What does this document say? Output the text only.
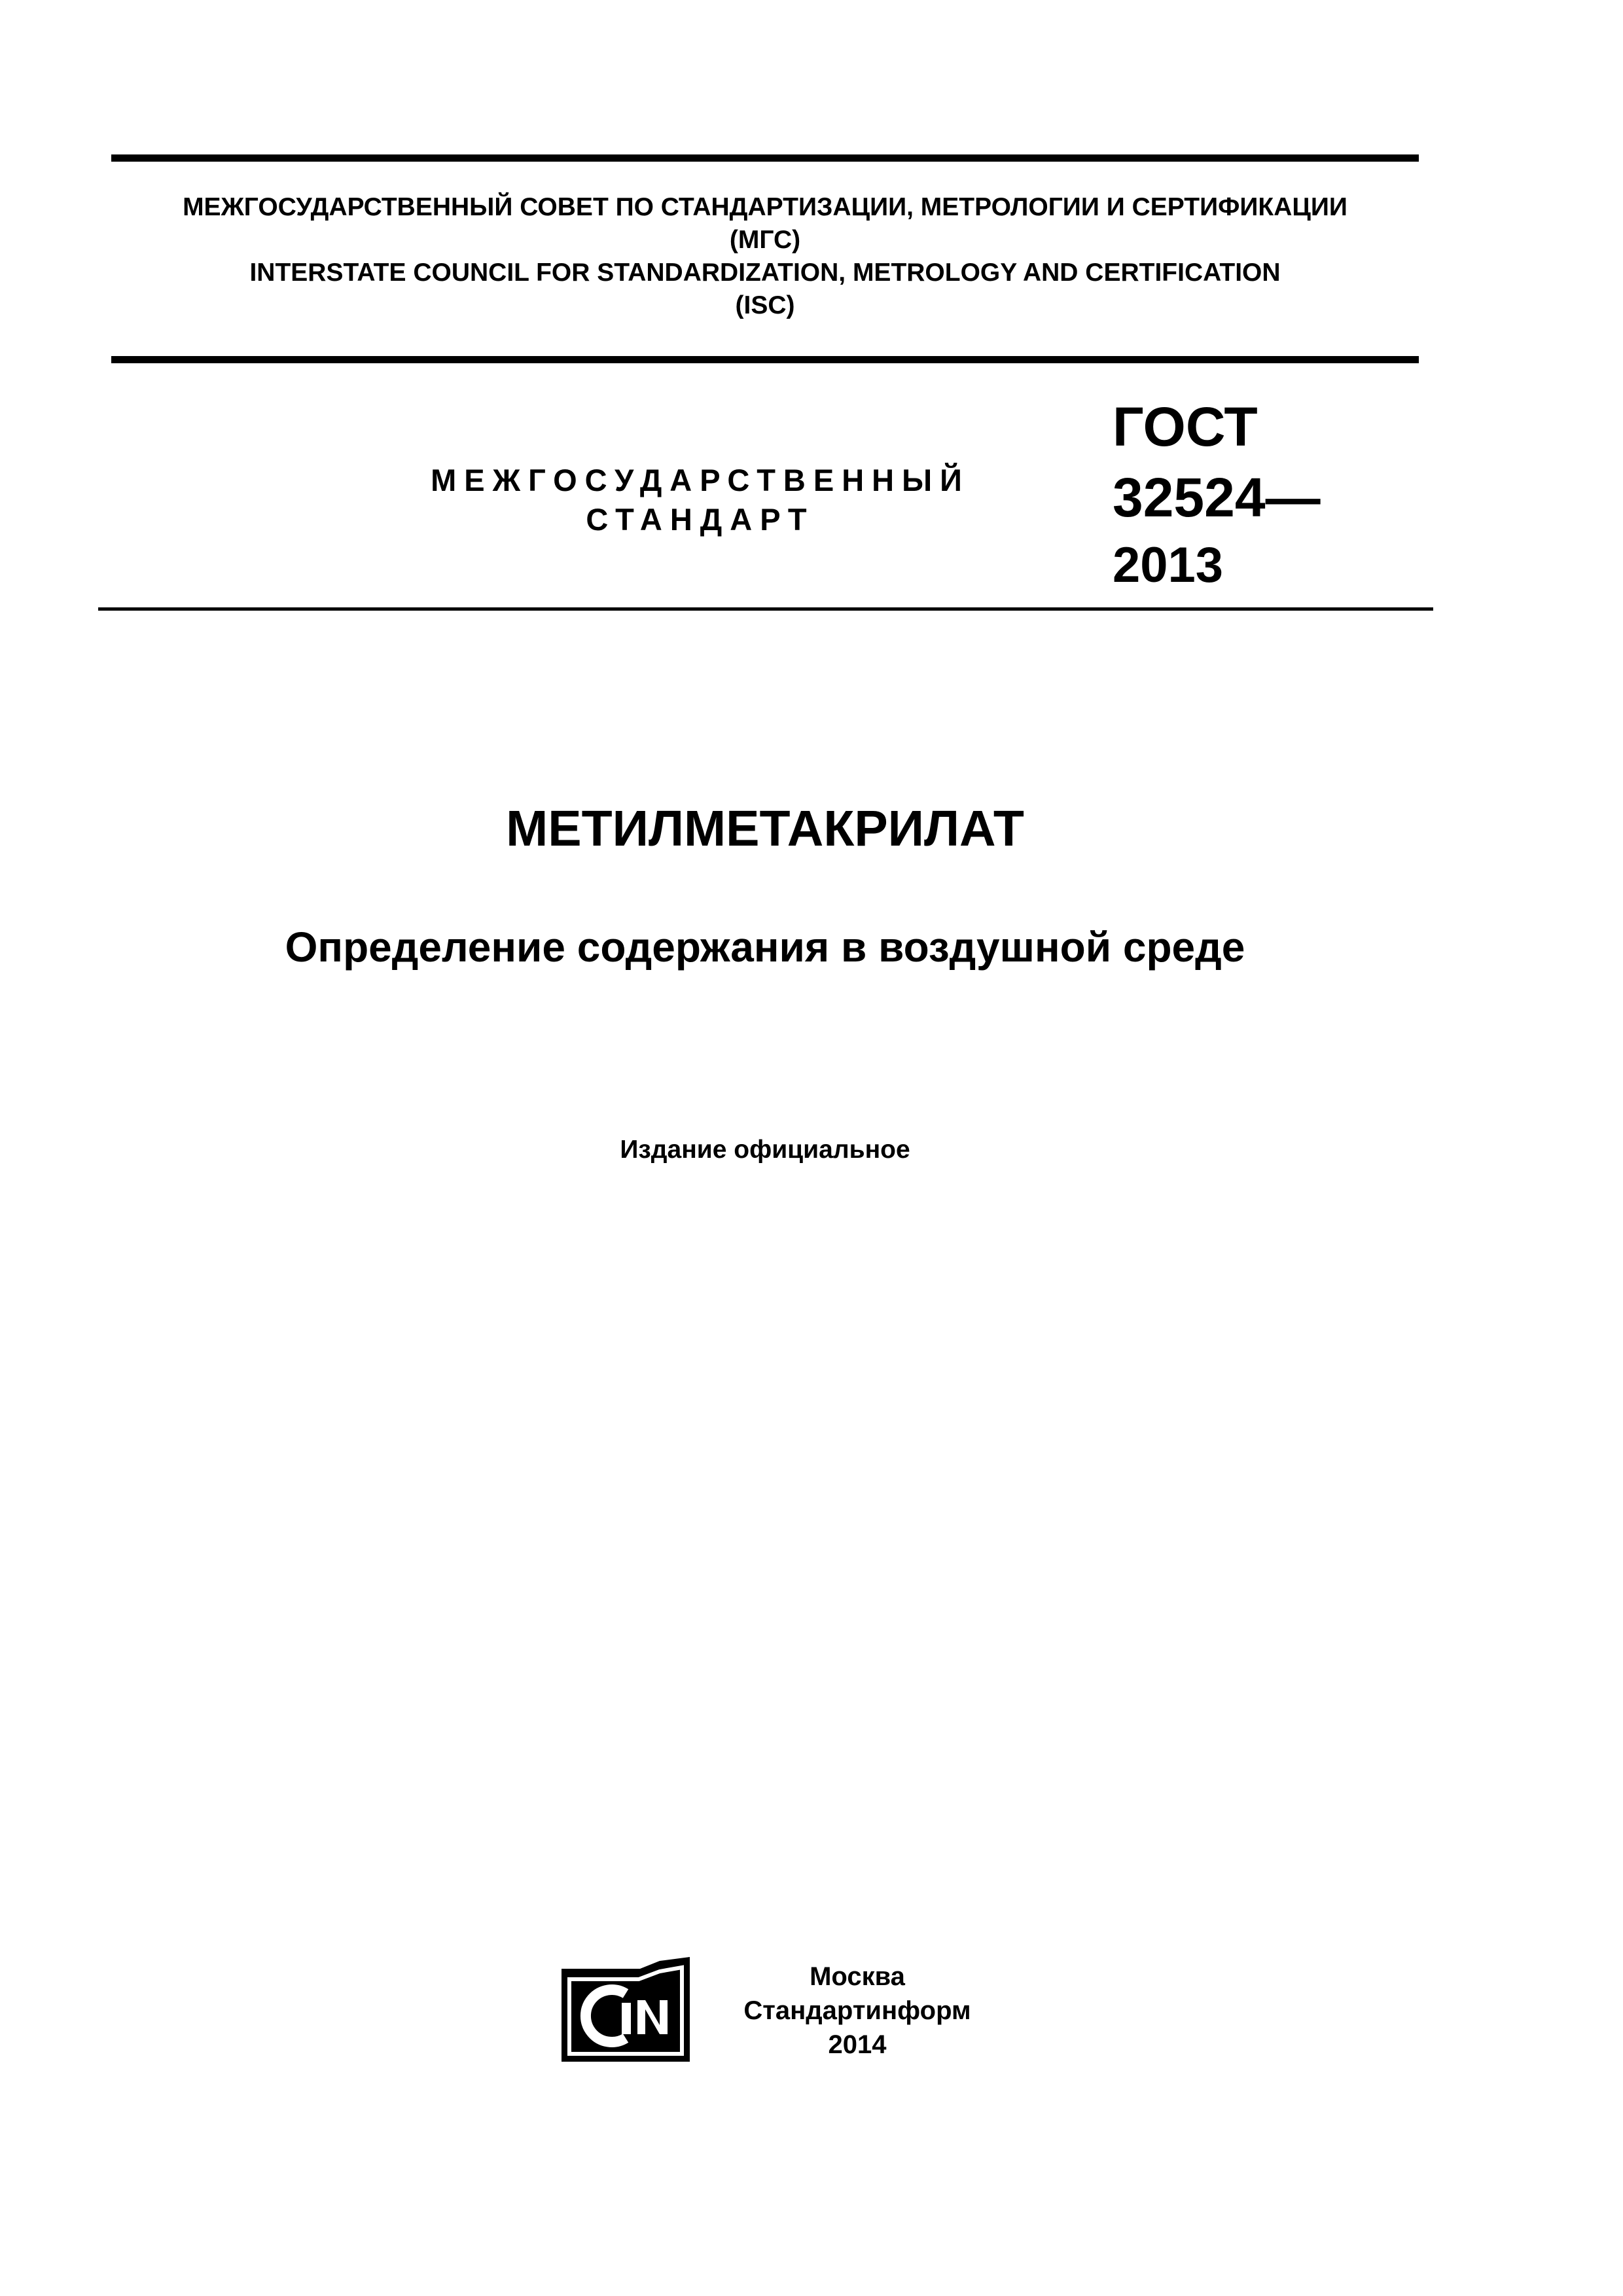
МЕЖГОСУДАРСТВЕННЫЙ СОВЕТ ПО СТАНДАРТИЗАЦИИ, МЕТРОЛОГИИ И СЕРТИФИКАЦИИ
(МГС)
INTERSTATE COUNCIL FOR STANDARDIZATION, METROLOGY AND CERTIFICATION
(ISC)
МЕЖГОСУДАРСТВЕННЫЙ
СТАНДАРТ
ГОСТ
32524—
2013
МЕТИЛМЕТАКРИЛАТ
Определение содержания в воздушной среде
Издание официальное
Москва
Стандартинформ
2014
